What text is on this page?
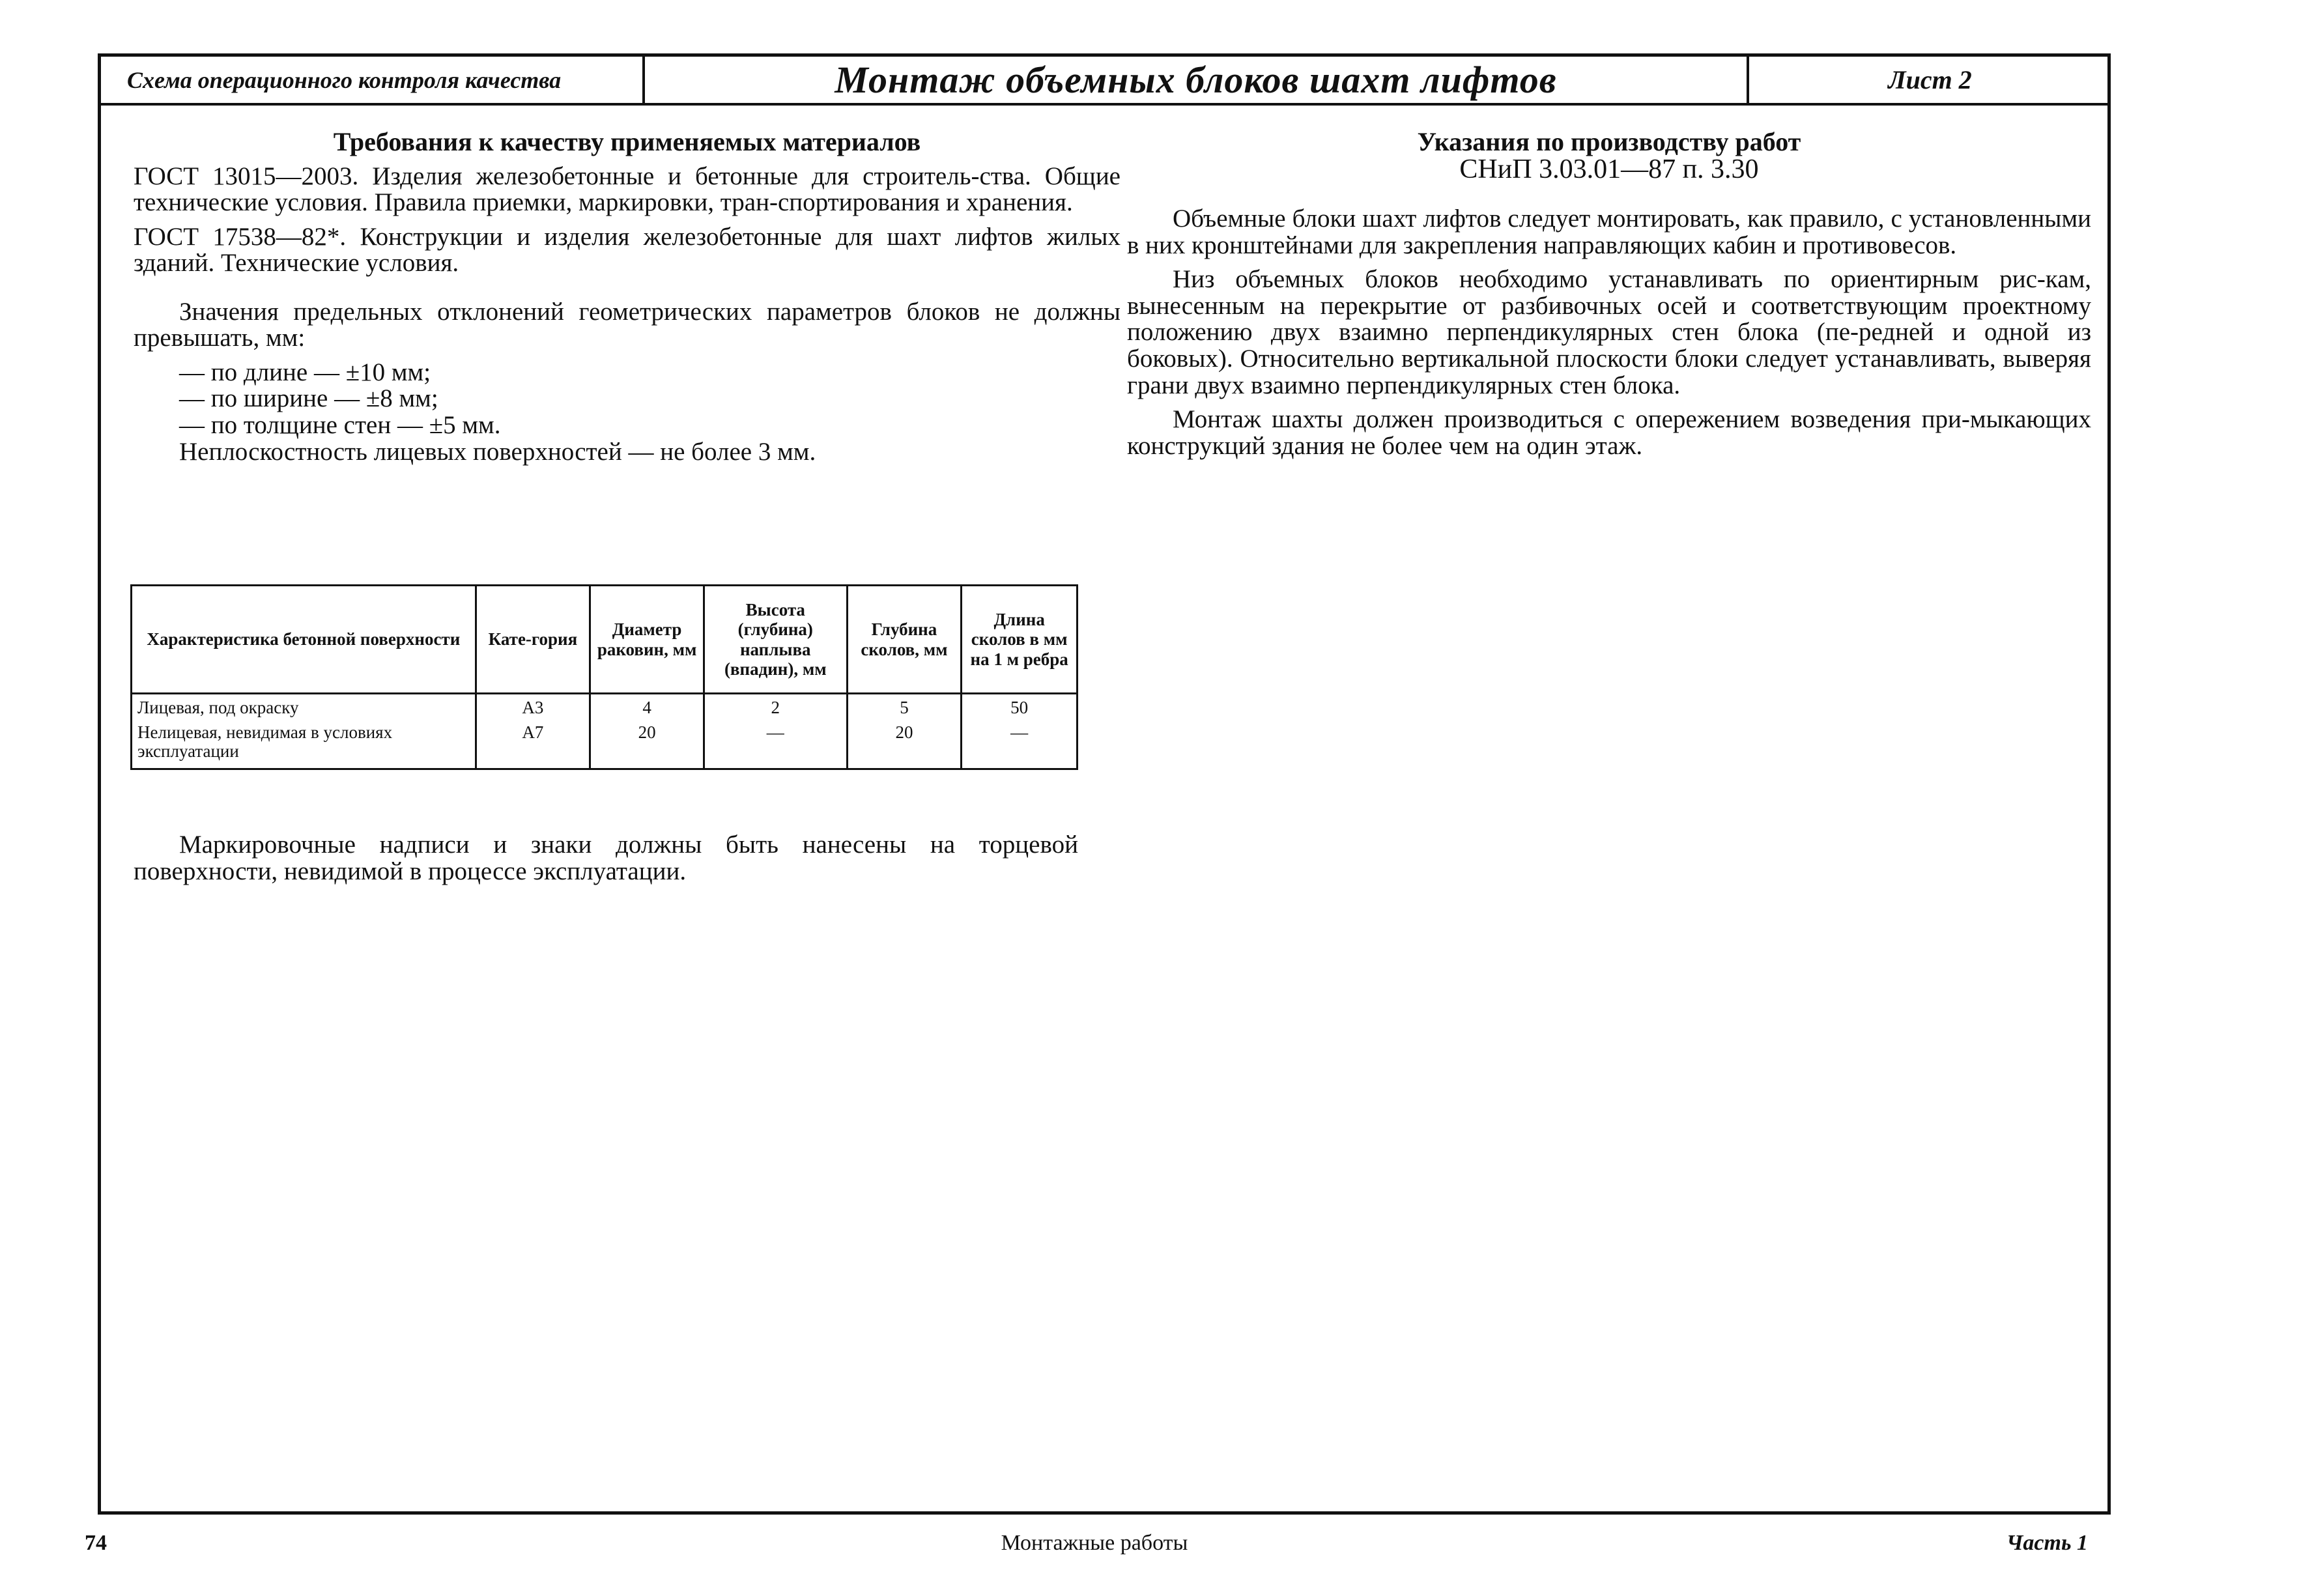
Схема операционного контроля качества	Монтаж объемных блоков шахт лифтов	Лист 2
Требования к качеству применяемых материалов

ГОСТ 13015—2003. Изделия железобетонные и бетонные для строитель-ства. Общие технические условия. Правила приемки, маркировки, тран-спортирования и хранения.

ГОСТ 17538—82*. Конструкции и изделия железобетонные для шахт лифтов жилых зданий. Технические условия.

Значения предельных отклонений геометрических параметров блоков не должны превышать, мм:

— по длине — ±10 мм;

— по ширине — ±8 мм;

— по толщине стен — ±5 мм.

Неплоскостность лицевых поверхностей — не более 3 мм.

Характеристика бетонной поверхности	Кате-гория	Диаметр раковин, мм	Высота (глубина) наплыва (впадин), мм	Глубина сколов, мм	Длина сколов в мм на 1 м ребра
Лицевая, под окраску	А3	4	2	5	50
Нелицевая, невидимая в условиях эксплуатации	А7	20	—	20	—

Маркировочные надписи и знаки должны быть нанесены на торцевой поверхности, невидимой в процессе эксплуатации.

Указания по производству работ

СНиП 3.03.01—87 п. 3.30

Объемные блоки шахт лифтов следует монтировать, как правило, с установленными в них кронштейнами для закрепления направляющих кабин и противовесов.

Низ объемных блоков необходимо устанавливать по ориентирным рис-кам, вынесенным на перекрытие от разбивочных осей и соответствующим проектному положению двух взаимно перпендикулярных стен блока (пе-редней и одной из боковых). Относительно вертикальной плоскости блоки следует устанавливать, выверяя грани двух взаимно перпендикулярных стен блока.

Монтаж шахты должен производиться с опережением возведения при-мыкающих конструкций здания не более чем на один этаж.

74	Монтажные работы	Часть 1
